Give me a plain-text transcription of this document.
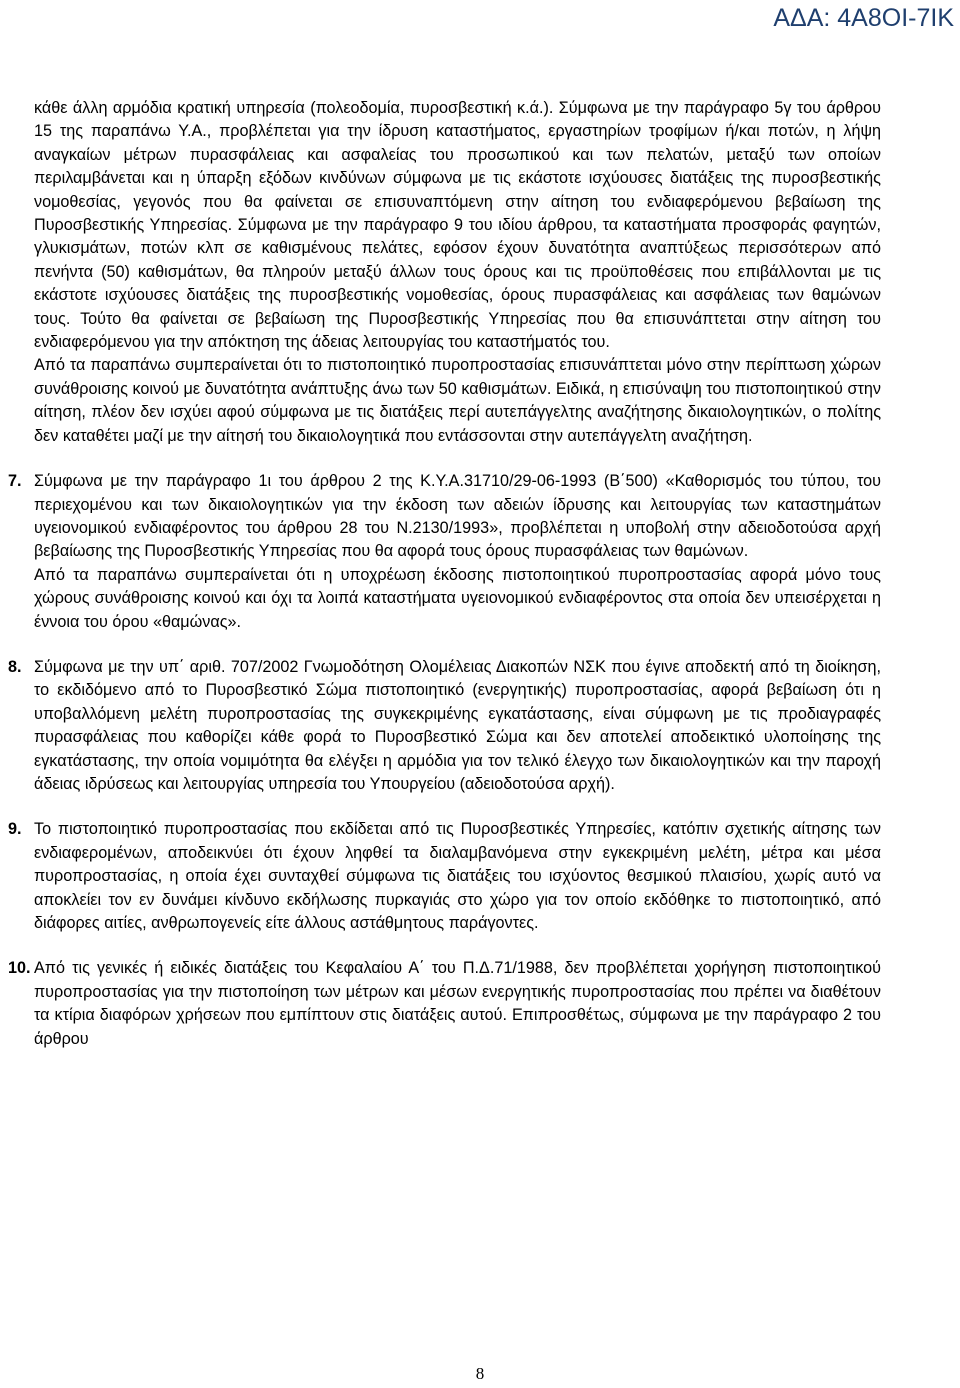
ΑΔΑ: 4Α8ΟΙ-7ΙΚ

κάθε άλλη αρμόδια κρατική υπηρεσία (πολεοδομία, πυροσβεστική κ.ά.). Σύμφωνα με την παράγραφο 5γ του άρθρου 15 της παραπάνω Υ.Α., προβλέπεται για την ίδρυση καταστήματος, εργαστηρίων τροφίμων ή/και ποτών, η λήψη αναγκαίων μέτρων πυρασφάλειας και ασφαλείας του προσωπικού και των πελατών, μεταξύ των οποίων περιλαμβάνεται και η ύπαρξη εξόδων κινδύνων σύμφωνα με τις εκάστοτε ισχύουσες διατάξεις της πυροσβεστικής νομοθεσίας, γεγονός που θα φαίνεται σε επισυναπτόμενη στην αίτηση του ενδιαφερόμενου βεβαίωση της Πυροσβεστικής Υπηρεσίας. Σύμφωνα με την παράγραφο 9 του ιδίου άρθρου, τα καταστήματα προσφοράς φαγητών, γλυκισμάτων, ποτών κλπ σε καθισμένους πελάτες, εφόσον έχουν δυνατότητα αναπτύξεως περισσότερων από πενήντα (50) καθισμάτων, θα πληρούν μεταξύ άλλων τους όρους και τις προϋποθέσεις που επιβάλλονται με τις εκάστοτε ισχύουσες διατάξεις της πυροσβεστικής νομοθεσίας, όρους πυρασφάλειας και ασφάλειας των θαμώνων τους. Τούτο θα φαίνεται σε βεβαίωση της Πυροσβεστικής Υπηρεσίας που θα επισυνάπτεται στην αίτηση του ενδιαφερόμενου για την απόκτηση της άδειας λειτουργίας του καταστήματός του.

Από τα παραπάνω συμπεραίνεται ότι το πιστοποιητικό πυροπροστασίας επισυνάπτεται μόνο στην περίπτωση χώρων συνάθροισης κοινού με δυνατότητα ανάπτυξης άνω των 50 καθισμάτων. Ειδικά, η επισύναψη του πιστοποιητικού στην αίτηση, πλέον δεν ισχύει αφού σύμφωνα με τις διατάξεις περί αυτεπάγγελτης αναζήτησης δικαιολογητικών, ο πολίτης δεν καταθέτει μαζί με την αίτησή του δικαιολογητικά που εντάσσονται στην αυτεπάγγελτη αναζήτηση.

7. Σύμφωνα με την παράγραφο 1ι του άρθρου 2 της Κ.Υ.Α.31710/29-06-1993 (Β΄500) «Καθορισμός του τύπου, του περιεχομένου και των δικαιολογητικών για την έκδοση των αδειών ίδρυσης και λειτουργίας των καταστημάτων υγειονομικού ενδιαφέροντος του άρθρου 28 του Ν.2130/1993», προβλέπεται η υποβολή στην αδειοδοτούσα αρχή βεβαίωσης της Πυροσβεστικής Υπηρεσίας που θα αφορά τους όρους πυρασφάλειας των θαμώνων.

Από τα παραπάνω συμπεραίνεται ότι η υποχρέωση έκδοσης πιστοποιητικού πυροπροστασίας αφορά μόνο τους χώρους συνάθροισης κοινού και όχι τα λοιπά καταστήματα υγειονομικού ενδιαφέροντος στα οποία δεν υπεισέρχεται η έννοια του όρου «θαμώνας».

8. Σύμφωνα με την υπ΄ αριθ. 707/2002 Γνωμοδότηση Ολομέλειας Διακοπών ΝΣΚ που έγινε αποδεκτή από τη διοίκηση, το εκδιδόμενο από το Πυροσβεστικό Σώμα πιστοποιητικό (ενεργητικής) πυροπροστασίας, αφορά βεβαίωση ότι η υποβαλλόμενη μελέτη πυροπροστασίας της συγκεκριμένης εγκατάστασης, είναι σύμφωνη με τις προδιαγραφές πυρασφάλειας που καθορίζει κάθε φορά το Πυροσβεστικό Σώμα και δεν αποτελεί αποδεικτικό υλοποίησης της εγκατάστασης, την οποία νομιμότητα θα ελέγξει η αρμόδια για τον τελικό έλεγχο των δικαιολογητικών και την παροχή άδειας ιδρύσεως και λειτουργίας υπηρεσία του Υπουργείου (αδειοδοτούσα αρχή).

9. Το πιστοποιητικό πυροπροστασίας που εκδίδεται από τις Πυροσβεστικές Υπηρεσίες, κατόπιν σχετικής αίτησης των ενδιαφερομένων, αποδεικνύει ότι έχουν ληφθεί τα διαλαμβανόμενα στην εγκεκριμένη μελέτη, μέτρα και μέσα πυροπροστασίας, η οποία έχει συνταχθεί σύμφωνα τις διατάξεις του ισχύοντος θεσμικού πλαισίου, χωρίς αυτό να αποκλείει τον εν δυνάμει κίνδυνο εκδήλωσης πυρκαγιάς στο χώρο για τον οποίο εκδόθηκε το πιστοποιητικό, από διάφορες αιτίες, ανθρωπογενείς είτε άλλους αστάθμητους παράγοντες.

10. Από τις γενικές ή ειδικές διατάξεις του Κεφαλαίου Α΄ του Π.Δ.71/1988, δεν προβλέπεται χορήγηση πιστοποιητικού πυροπροστασίας για την πιστοποίηση των μέτρων και μέσων ενεργητικής πυροπροστασίας που πρέπει να διαθέτουν τα κτίρια διαφόρων χρήσεων που εμπίπτουν στις διατάξεις αυτού. Επιπροσθέτως, σύμφωνα με την παράγραφο 2 του άρθρου

8
